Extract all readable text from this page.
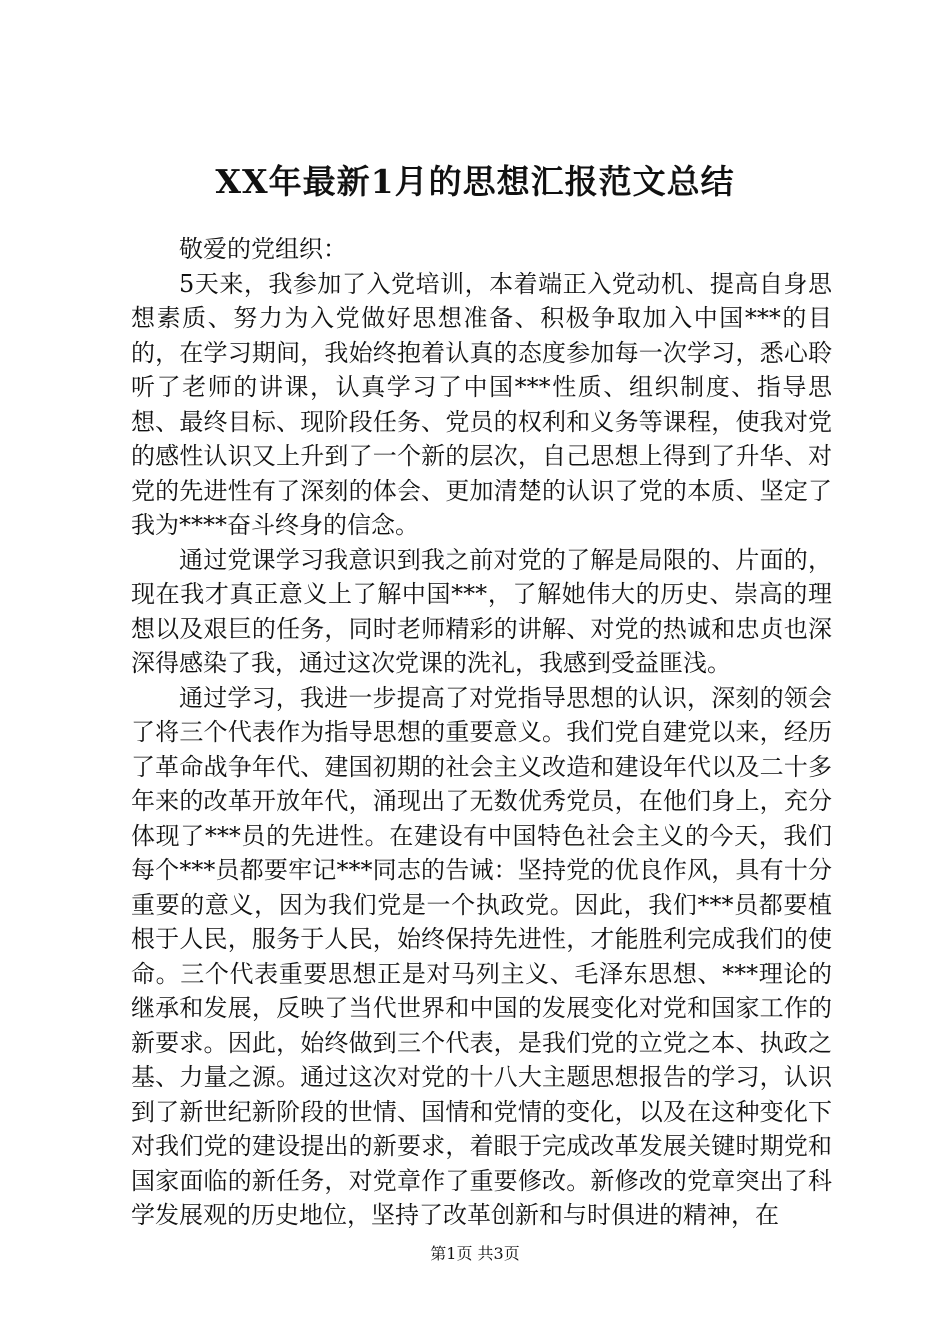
XX年最新1月的思想汇报范文总结

敬爱的党组织：

5天来，我参加了入党培训，本着端正入党动机、提高自身思想素质、努力为入党做好思想准备、积极争取加入中国***的目的，在学习期间，我始终抱着认真的态度参加每一次学习，悉心聆听了老师的讲课，认真学习了中国***性质、组织制度、指导思想、最终目标、现阶段任务、党员的权利和义务等课程，使我对党的感性认识又上升到了一个新的层次，自己思想上得到了升华、对党的先进性有了深刻的体会、更加清楚的认识了党的本质、坚定了我为****奋斗终身的信念。

通过党课学习我意识到我之前对党的了解是局限的、片面的，现在我才真正意义上了解中国***，了解她伟大的历史、崇高的理想以及艰巨的任务，同时老师精彩的讲解、对党的热诚和忠贞也深深得感染了我，通过这次党课的洗礼，我感到受益匪浅。

通过学习，我进一步提高了对党指导思想的认识，深刻的领会了将三个代表作为指导思想的重要意义。我们党自建党以来，经历了革命战争年代、建国初期的社会主义改造和建设年代以及二十多年来的改革开放年代，涌现出了无数优秀党员，在他们身上，充分体现了***员的先进性。在建设有中国特色社会主义的今天，我们每个***员都要牢记***同志的告诫：坚持党的优良作风，具有十分重要的意义，因为我们党是一个执政党。因此，我们***员都要植根于人民，服务于人民，始终保持先进性，才能胜利完成我们的使命。三个代表重要思想正是对马列主义、毛泽东思想、***理论的继承和发展，反映了当代世界和中国的发展变化对党和国家工作的新要求。因此，始终做到三个代表，是我们党的立党之本、执政之基、力量之源。通过这次对党的十八大主题思想报告的学习，认识到了新世纪新阶段的世情、国情和党情的变化，以及在这种变化下对我们党的建设提出的新要求，着眼于完成改革发展关键时期党和国家面临的新任务，对党章作了重要修改。新修改的党章突出了科学发展观的历史地位，坚持了改革创新和与时俱进的精神，在

第1页 共3页
